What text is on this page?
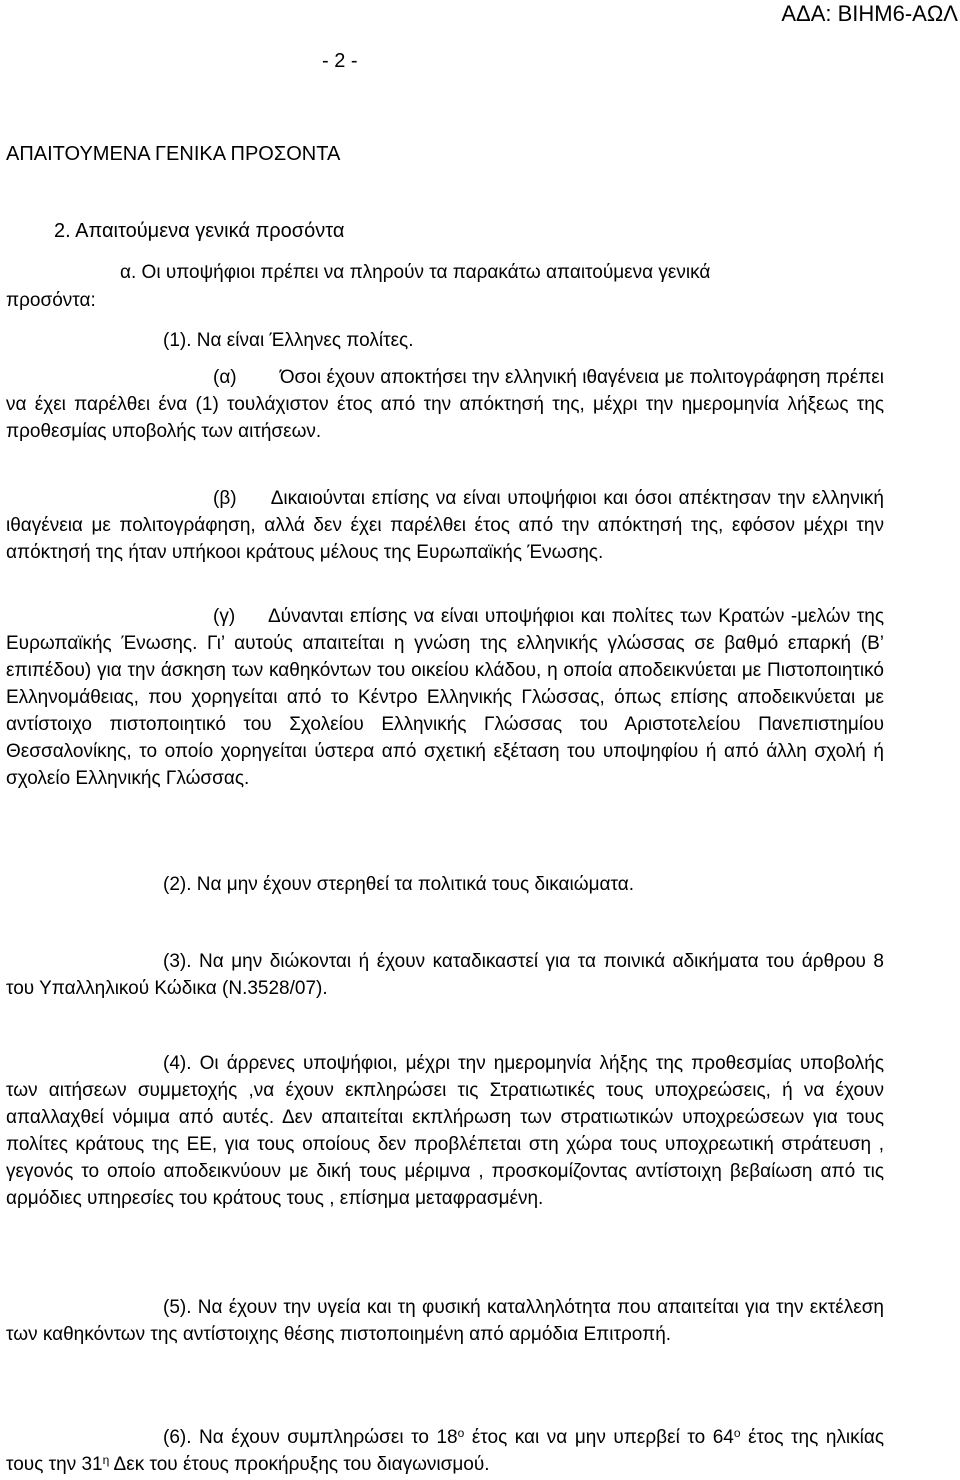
ΑΔΑ: ΒΙΗΜ6-ΑΩΛ
- 2 -
ΑΠΑΙΤΟΥΜΕΝΑ ΓΕΝΙΚΑ ΠΡΟΣΟΝΤΑ
2. Απαιτούμενα γενικά προσόντα
α. Οι υποψήφιοι πρέπει να πληρούν τα παρακάτω απαιτούμενα γενικά
προσόντα:
(1). Να είναι Έλληνες πολίτες.

(α) Όσοι έχουν αποκτήσει την ελληνική ιθαγένεια με πολιτογράφηση πρέπει να έχει παρέλθει ένα (1) τουλάχιστον έτος από την απόκτησή της, μέχρι την ημερομηνία λήξεως της προθεσμίας υποβολής των αιτήσεων.

(β) Δικαιούνται επίσης να είναι υποψήφιοι και όσοι απέκτησαν την ελληνική ιθαγένεια με πολιτογράφηση, αλλά δεν έχει παρέλθει έτος από την απόκτησή της, εφόσον μέχρι την απόκτησή της ήταν υπήκοοι κράτους μέλους της Ευρωπαϊκής Ένωσης.

(γ) Δύνανται επίσης να είναι υποψήφιοι και πολίτες των Κρατών -μελών της Ευρωπαϊκής Ένωσης. Γι’ αυτούς απαιτείται η γνώση της ελληνικής γλώσσας σε βαθμό επαρκή (Β’ επιπέδου) για την άσκηση των καθηκόντων του οικείου κλάδου, η οποία αποδεικνύεται με Πιστοποιητικό Ελληνομάθειας, που χορηγείται από το Κέντρο Ελληνικής Γλώσσας, όπως επίσης αποδεικνύεται με αντίστοιχο πιστοποιητικό του Σχολείου Ελληνικής Γλώσσας του Αριστοτελείου Πανεπιστημίου Θεσσαλονίκης, το οποίο χορηγείται ύστερα από σχετική εξέταση του υποψηφίου ή από άλλη σχολή ή σχολείο Ελληνικής Γλώσσας.

(2). Να μην έχουν στερηθεί τα πολιτικά τους δικαιώματα.

(3). Να μην διώκονται ή έχουν καταδικαστεί για τα ποινικά αδικήματα του άρθρου 8 του Υπαλληλικού Κώδικα (Ν.3528/07).

(4). Οι άρρενες υποψήφιοι, μέχρι την ημερομηνία λήξης της προθεσμίας υποβολής των αιτήσεων συμμετοχής ,να έχουν εκπληρώσει τις Στρατιωτικές τους υποχρεώσεις, ή να έχουν απαλλαχθεί νόμιμα από αυτές. Δεν απαιτείται εκπλήρωση των στρατιωτικών υποχρεώσεων για τους πολίτες κράτους της ΕΕ, για τους οποίους δεν προβλέπεται στη χώρα τους υποχρεωτική στράτευση , γεγονός το οποίο αποδεικνύουν με δική τους μέριμνα , προσκομίζοντας αντίστοιχη βεβαίωση από τις αρμόδιες υπηρεσίες του κράτους τους , επίσημα μεταφρασμένη.

(5). Να έχουν την υγεία και τη φυσική καταλληλότητα που απαιτείται για την εκτέλεση των καθηκόντων της αντίστοιχης θέσης πιστοποιημένη από αρμόδια Επιτροπή.

(6). Να έχουν συμπληρώσει το $18^o$ έτος και να μην υπερβεί το $64^o$ έτος της ηλικίας τους την $31^\eta$ Δεκ του έτους προκήρυξης του διαγωνισμού.
